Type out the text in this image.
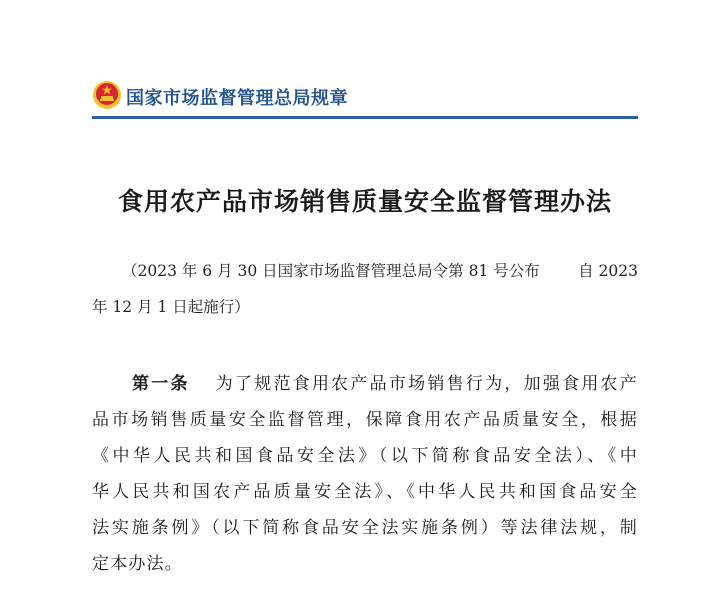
国家市场监督管理总局规章
食用农产品市场销售质量安全监督管理办法
（2023 年 6 月 30 日国家市场监督管理总局令第 81 号公布 自 2023
年 12 月 1 日起施行）
第一条 为了规范食用农产品市场销售行为，加强食用农产
品市场销售质量安全监督管理，保障食用农产品质量安全，根据
《中华人民共和国食品安全法》（以下简称食品安全法）、《中
华人民共和国农产品质量安全法》、《中华人民共和国食品安全
法实施条例》（以下简称食品安全法实施条例）等法律法规，制
定本办法。
